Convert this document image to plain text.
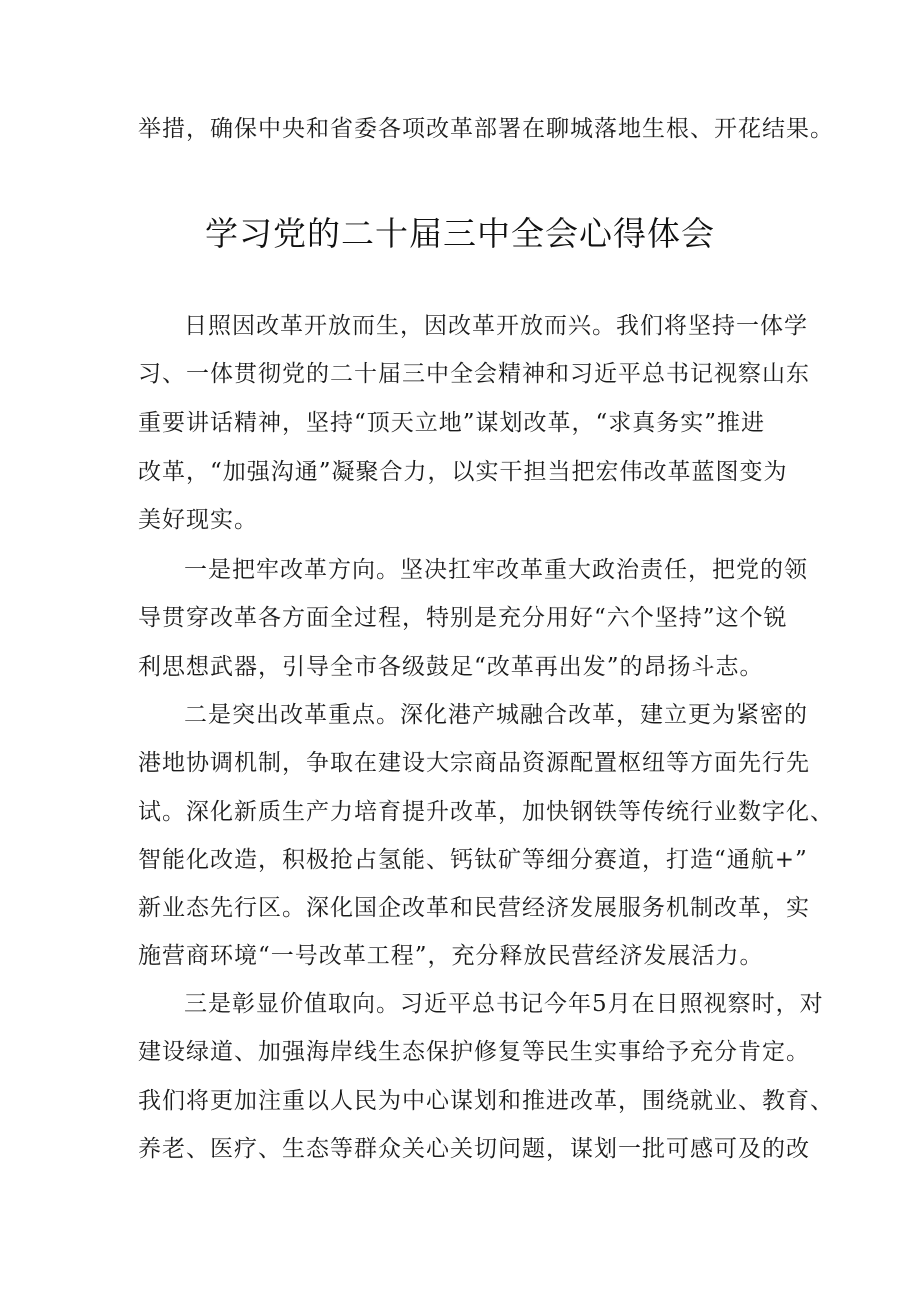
举措，确保中央和省委各项改革部署在聊城落地生根、开花结果。
学习党的二十届三中全会心得体会
日照因改革开放而生，因改革开放而兴。我们将坚持一体学
习、一体贯彻党的二十届三中全会精神和习近平总书记视察山东
重要讲话精神，坚持“顶天立地”谋划改革，“求真务实”推进
改革，“加强沟通”凝聚合力，以实干担当把宏伟改革蓝图变为
美好现实。
一是把牢改革方向。坚决扛牢改革重大政治责任，把党的领
导贯穿改革各方面全过程，特别是充分用好“六个坚持”这个锐
利思想武器，引导全市各级鼓足“改革再出发”的昂扬斗志。
二是突出改革重点。深化港产城融合改革，建立更为紧密的
港地协调机制，争取在建设大宗商品资源配置枢纽等方面先行先
试。深化新质生产力培育提升改革，加快钢铁等传统行业数字化、
智能化改造，积极抢占氢能、钙钛矿等细分赛道，打造“通航+”
新业态先行区。深化国企改革和民营经济发展服务机制改革，实
施营商环境“一号改革工程”，充分释放民营经济发展活力。
三是彰显价值取向。习近平总书记今年5月在日照视察时，对
建设绿道、加强海岸线生态保护修复等民生实事给予充分肯定。
我们将更加注重以人民为中心谋划和推进改革，围绕就业、教育、
养老、医疗、生态等群众关心关切问题，谋划一批可感可及的改
